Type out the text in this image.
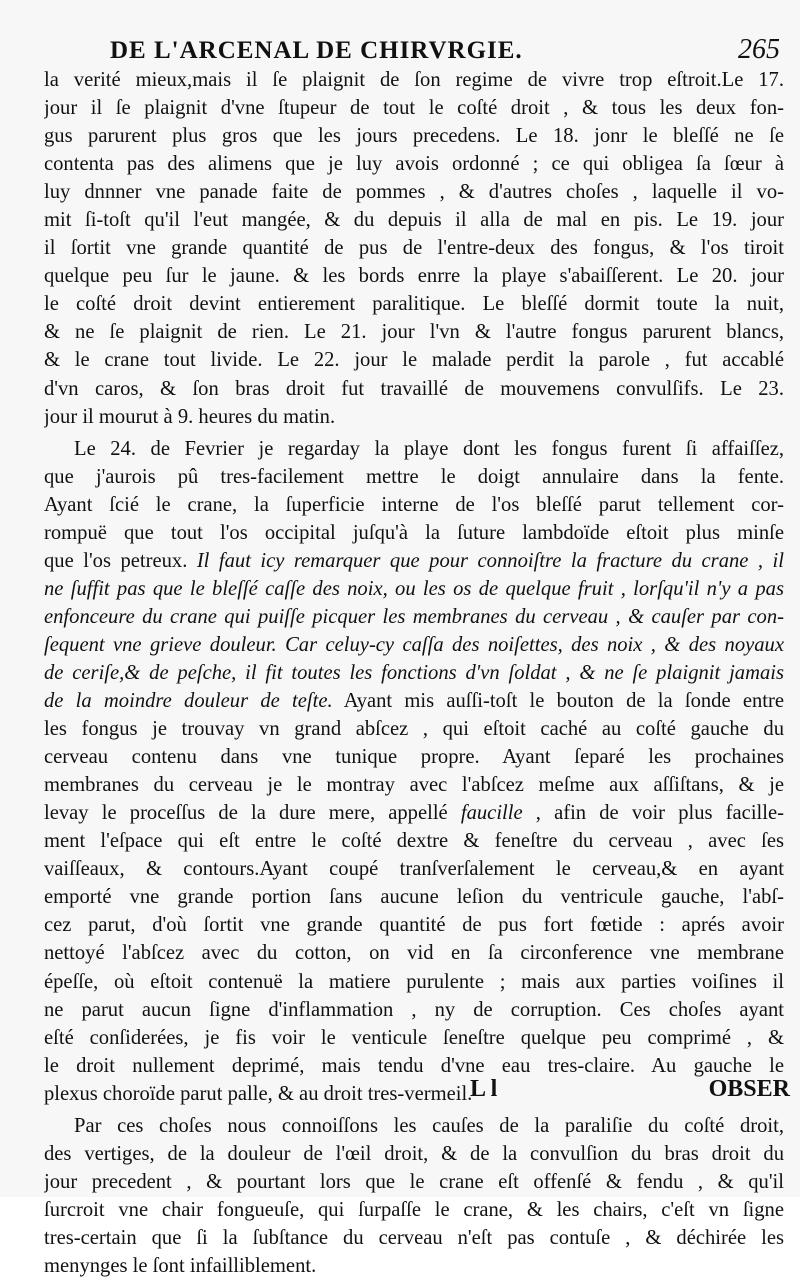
DE L'ARCENAL DE CHIRVRGIE.	265
la verité mieux,mais il ſe plaignit de ſon regime de vivre trop eſtroit.Le 17.
jour il ſe plaignit d'vne ſtupeur de tout le coſté droit , & tous les deux fon-
gus parurent plus gros que les jours precedens. Le 18. jonr le bleſſé ne ſe
contenta pas des alimens que je luy avois ordonné ; ce qui obligea ſa ſœur à
luy dnnner vne panade faite de pommes , & d'autres choſes , laquelle il vo-
mit ſi-toſt qu'il l'eut mangée, & du depuis il alla de mal en pis. Le 19. jour
il ſortit vne grande quantité de pus de l'entre-deux des fongus, & l'os tiroit
quelque peu ſur le jaune. & les bords enrre la playe s'abaiſſerent. Le 20. jour
le coſté droit devint entierement paralitique. Le bleſſé dormit toute la nuit,
& ne ſe plaignit de rien. Le 21. jour l'vn & l'autre fongus parurent blancs,
& le crane tout livide. Le 22. jour le malade perdit la parole , fut accablé
d'vn caros, & ſon bras droit fut travaillé de mouvemens convulſifs. Le 23.
jour il mourut à 9. heures du matin.
Le 24. de Fevrier je regarday la playe dont les fongus furent ſi affaiſſez,
que j'aurois pû tres-facilement mettre le doigt annulaire dans la fente.
Ayant ſcié le crane, la ſuperficie interne de l'os bleſſé parut tellement cor-
rompuë que tout l'os occipital juſqu'à la ſuture lambdoïde eſtoit plus minſe
que l'os petreux. Il faut icy remarquer que pour connoiſtre la fracture du crane , il
ne ſuffit pas que le bleſſé caſſe des noix, ou les os de quelque fruit , lorſqu'il n'y a pas
enfonceure du crane qui puiſſe picquer les membranes du cerveau , & cauſer par con-
ſequent vne grieve douleur. Car celuy-cy caſſa des noiſettes, des noix , & des noyaux
de ceriſe,& de peſche, il fit toutes les fonctions d'vn ſoldat , & ne ſe plaignit jamais
de la moindre douleur de teſte. Ayant mis auſſi-toſt le bouton de la ſonde entre
les fongus je trouvay vn grand abſcez , qui eſtoit caché au coſté gauche du
cerveau contenu dans vne tunique propre. Ayant ſeparé les prochaines
membranes du cerveau je le montray avec l'abſcez meſme aux aſſiſtans, & je
levay le proceſſus de la dure mere, appellé faucille , afin de voir plus facille-
ment l'eſpace qui eſt entre le coſté dextre & feneſtre du cerveau , avec ſes
vaiſſeaux, & contours.Ayant coupé tranſverſalement le cerveau,& en ayant
emporté vne grande portion ſans aucune leſion du ventricule gauche, l'abſ-
cez parut, d'où ſortit vne grande quantité de pus fort fœtide : aprés avoir
nettoyé l'abſcez avec du cotton, on vid en ſa circonference vne membrane
épeſſe, où eſtoit contenuë la matiere purulente ; mais aux parties voiſines il
ne parut aucun ſigne d'inflammation , ny de corruption. Ces choſes ayant
eſté conſiderées, je fis voir le venticule ſeneſtre quelque peu comprimé , &
le droit nullement deprimé, mais tendu d'vne eau tres-claire. Au gauche le
plexus choroïde parut palle, & au droit tres-vermeil.
Par ces choſes nous connoiſſons les cauſes de la paraliſie du coſté droit,
des vertiges, de la douleur de l'œil droit, & de la convulſion du bras droit du
jour precedent , & pourtant lors que le crane eſt offenſé & fendu , & qu'il
ſurcroit vne chair fongueuſe, qui ſurpaſſe le crane, & les chairs, c'eſt vn ſigne
tres-certain que ſi la ſubſtance du cerveau n'eſt pas contuſe , & déchirée les
menynges le ſont infailliblement.
L l	OBSER
